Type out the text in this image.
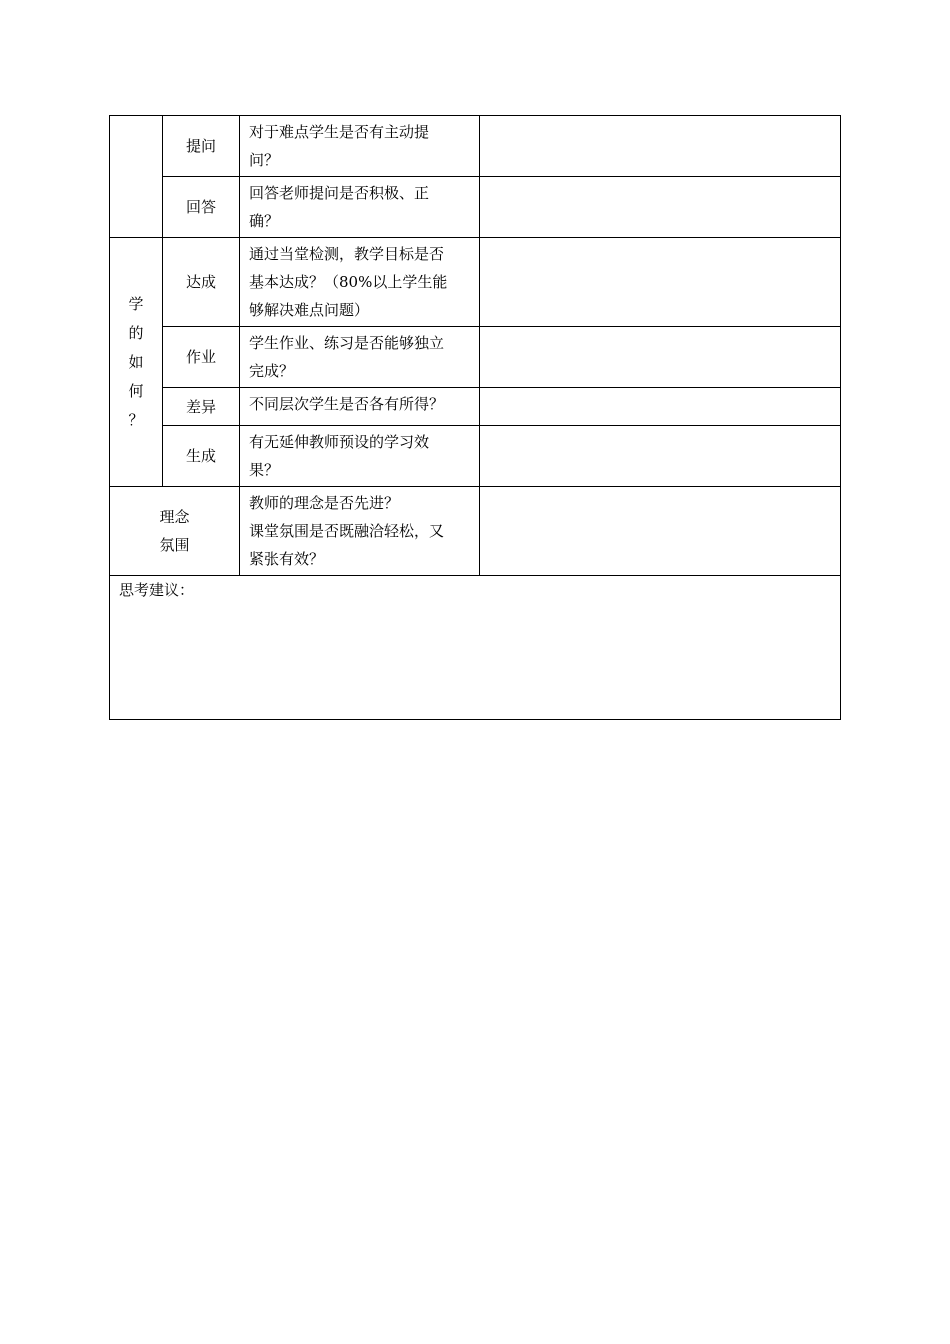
	提问	对于难点学生是否有主动提
问？	

	回答	回答老师提问是否积极、正
确？	

学
的
如
何
？	达成	通过当堂检测，教学目标是否
基本达成？（80%以上学生能
够解决难点问题）	

	作业	学生作业、练习是否能够独立
完成？	

	差异	不同层次学生是否各有所得？	

	生成	有无延伸教师预设的学习效
果？	

理念
氛围		教师的理念是否先进？
课堂氛围是否既融洽轻松，又
紧张有效？	

思考建议：			
